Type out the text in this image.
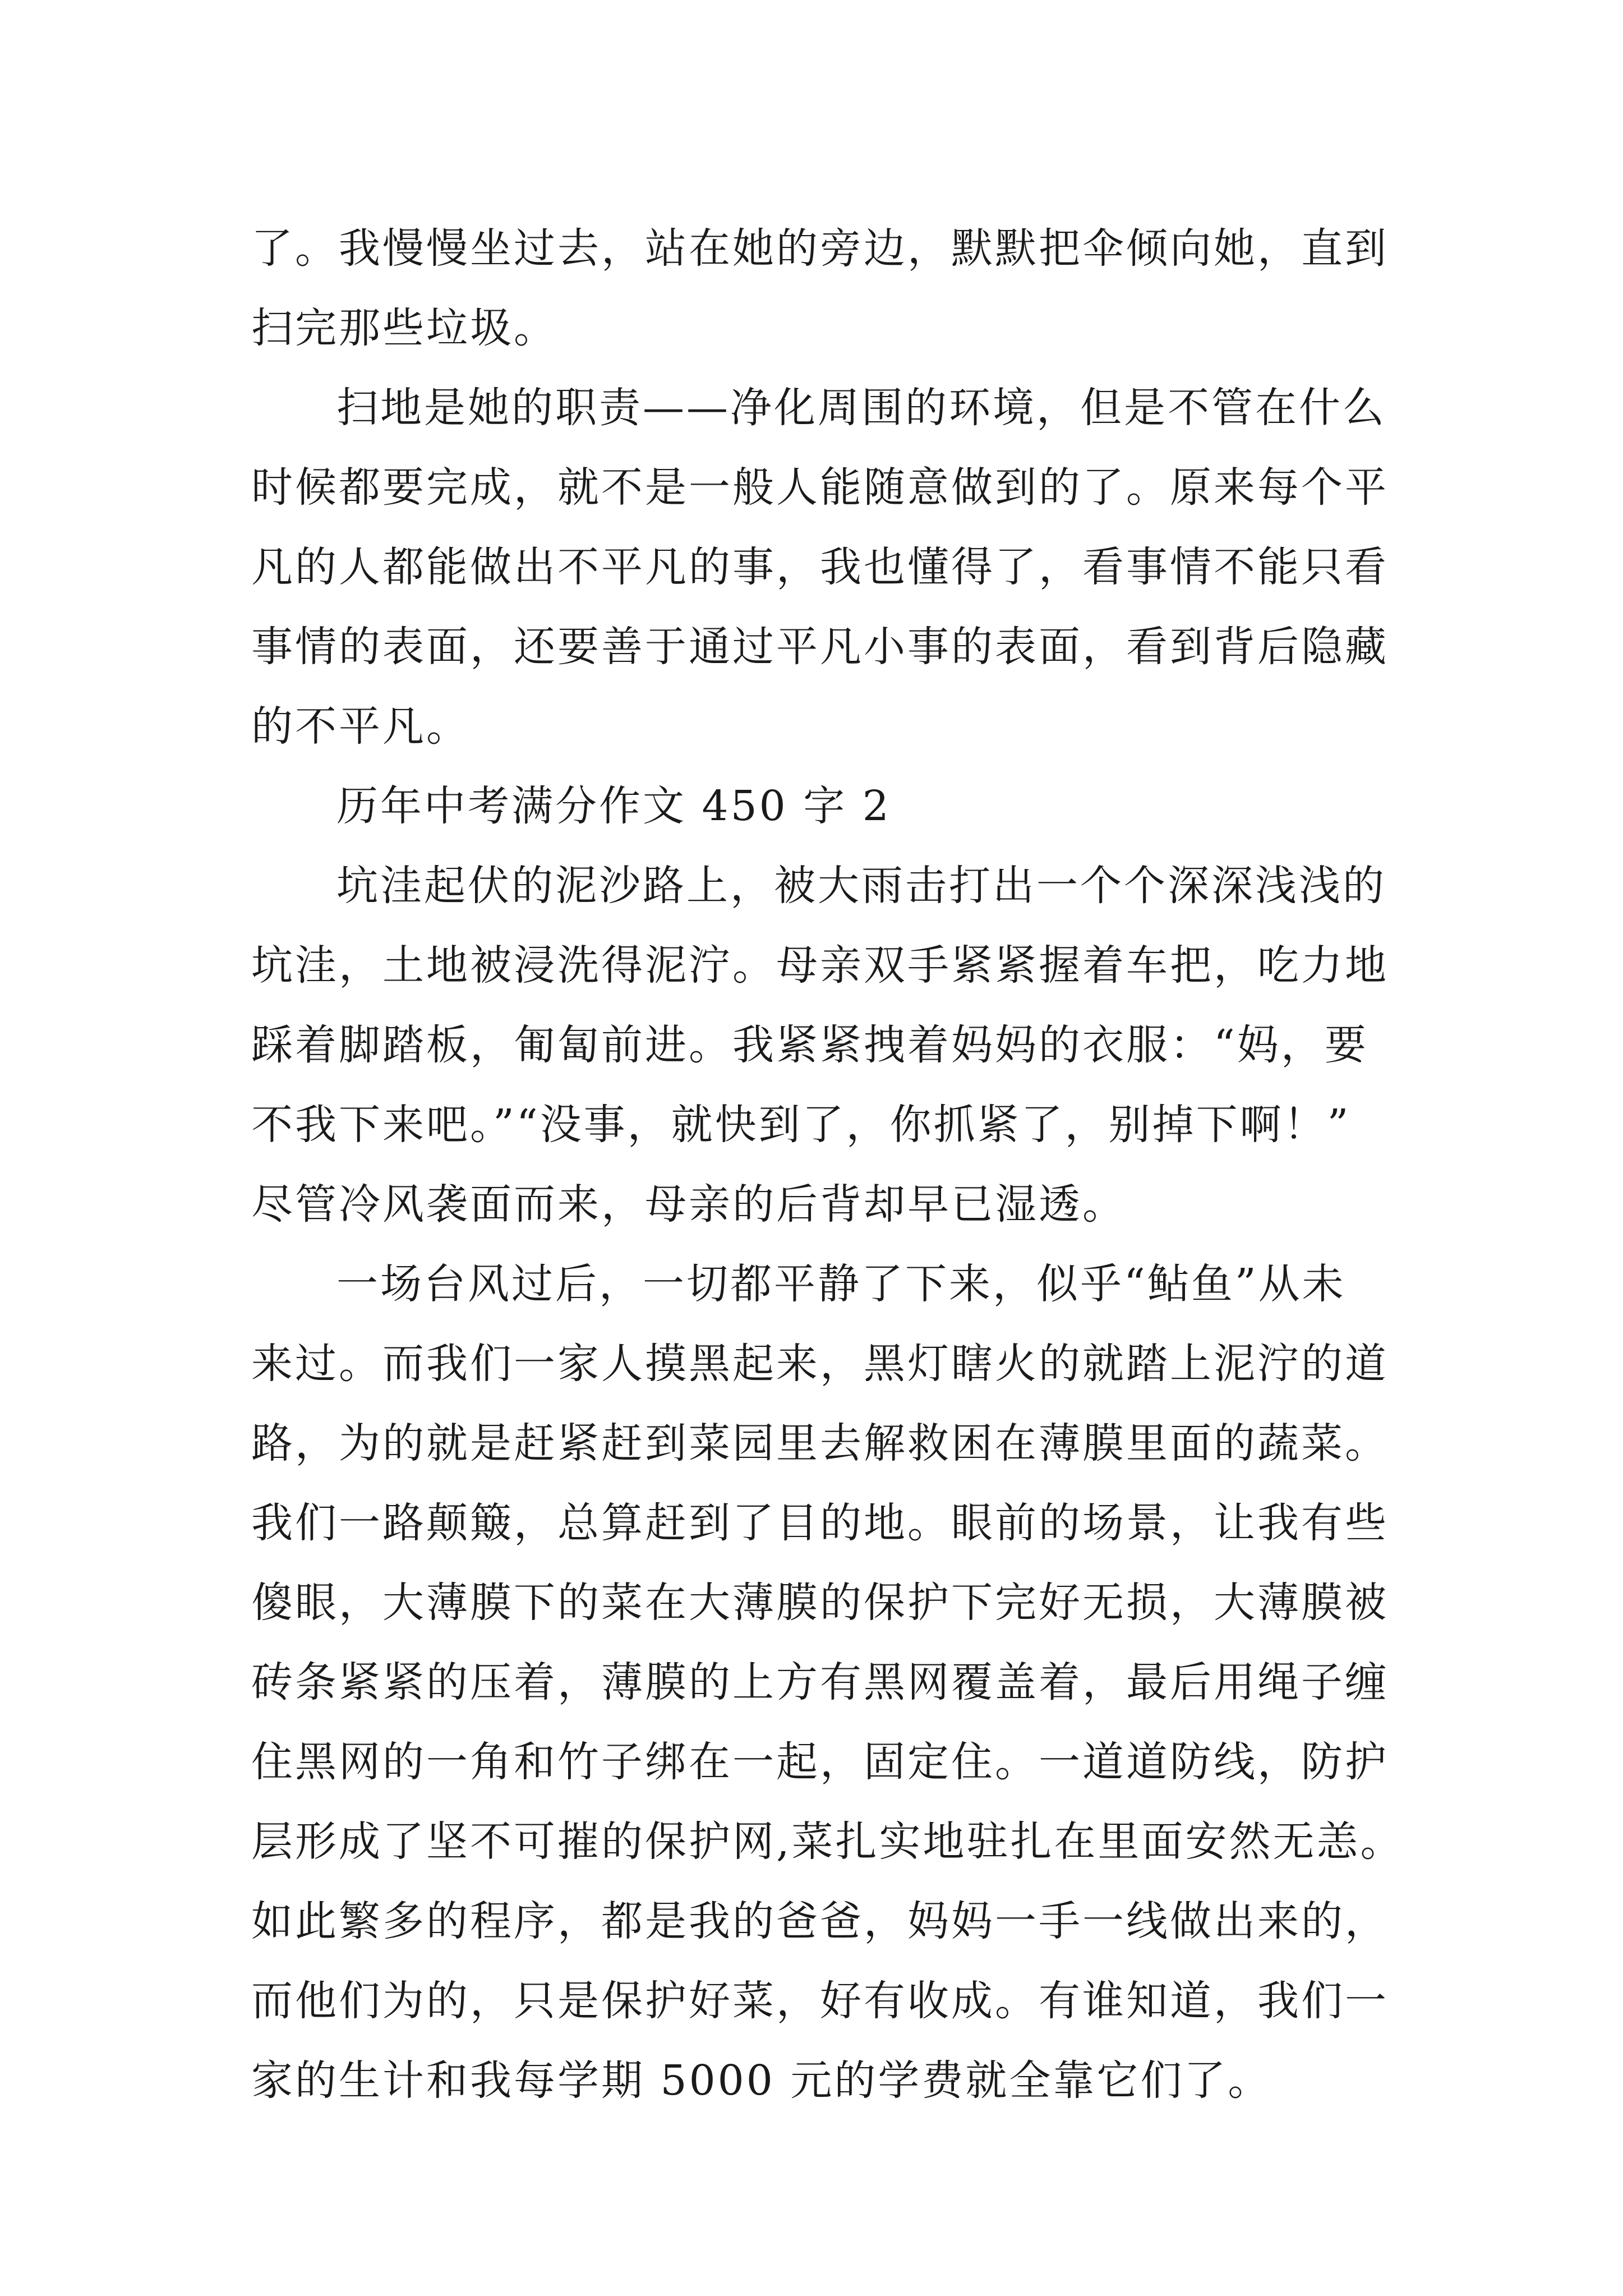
了。我慢慢坐过去，站在她的旁边，默默把伞倾向她，直到
扫完那些垃圾。
扫地是她的职责——净化周围的环境，但是不管在什么
时候都要完成，就不是一般人能随意做到的了。原来每个平
凡的人都能做出不平凡的事，我也懂得了，看事情不能只看
事情的表面，还要善于通过平凡小事的表面，看到背后隐藏
的不平凡。
历年中考满分作文 450 字 2
坑洼起伏的泥沙路上，被大雨击打出一个个深深浅浅的
坑洼，土地被浸洗得泥泞。母亲双手紧紧握着车把，吃力地
踩着脚踏板，匍匐前进。我紧紧拽着妈妈的衣服：“妈，要
不我下来吧。”“没事，就快到了，你抓紧了，别掉下啊！”
尽管冷风袭面而来，母亲的后背却早已湿透。
一场台风过后，一切都平静了下来，似乎“鲇鱼”从未
来过。而我们一家人摸黑起来，黑灯瞎火的就踏上泥泞的道
路，为的就是赶紧赶到菜园里去解救困在薄膜里面的蔬菜。
我们一路颠簸，总算赶到了目的地。眼前的场景，让我有些
傻眼，大薄膜下的菜在大薄膜的保护下完好无损，大薄膜被
砖条紧紧的压着，薄膜的上方有黑网覆盖着，最后用绳子缠
住黑网的一角和竹子绑在一起，固定住。一道道防线，防护
层形成了坚不可摧的保护网,菜扎实地驻扎在里面安然无恙。
如此繁多的程序，都是我的爸爸，妈妈一手一线做出来的，
而他们为的，只是保护好菜，好有收成。有谁知道，我们一
家的生计和我每学期 5000 元的学费就全靠它们了。
